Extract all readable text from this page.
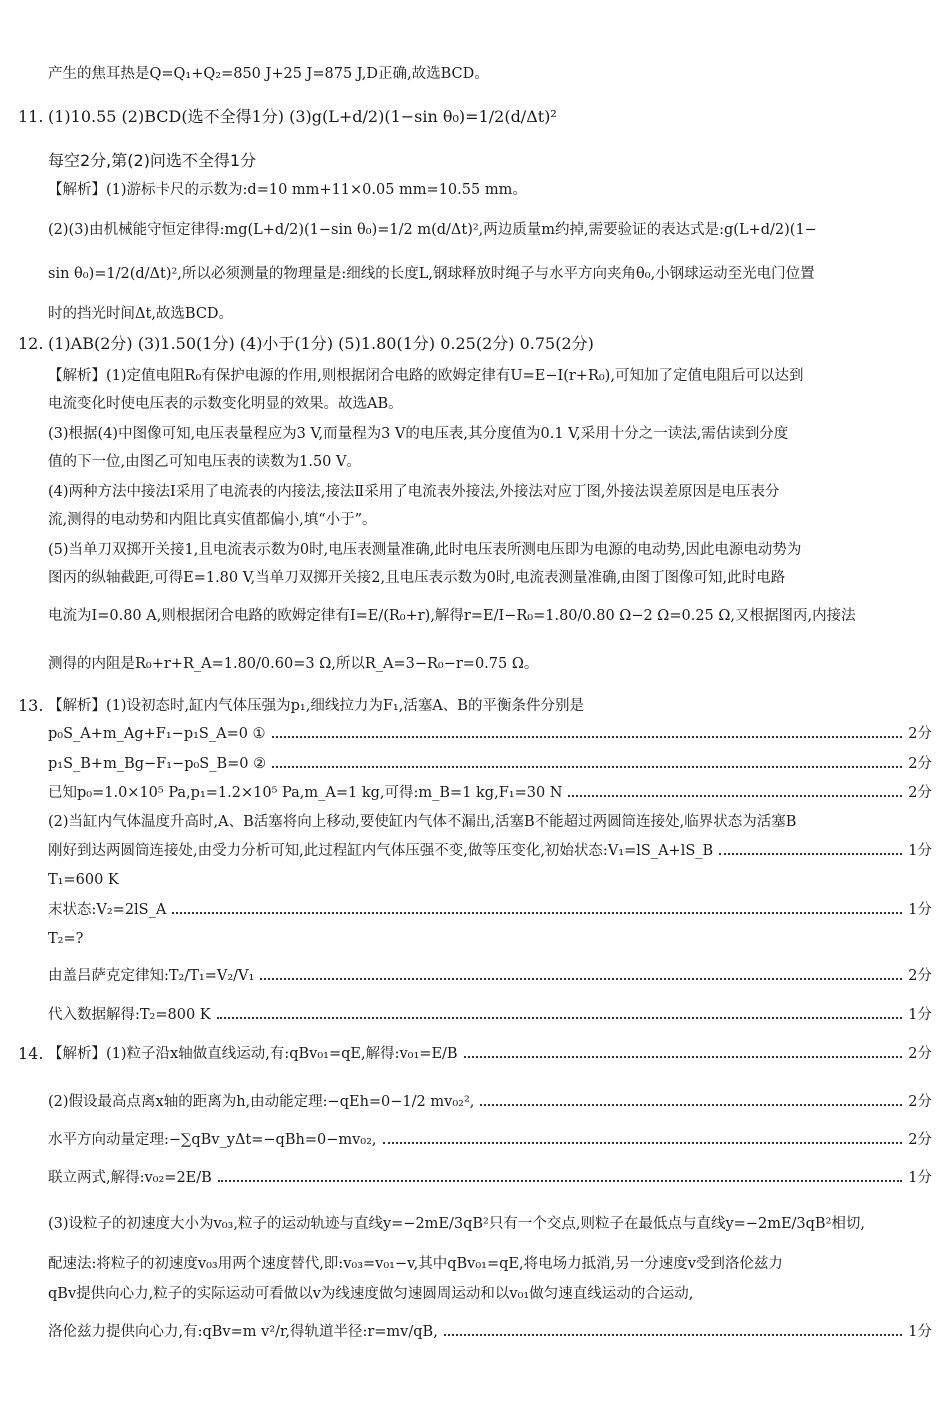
产生的焦耳热是Q=Q₁+Q₂=850 J+25 J=875 J,D正确,故选BCD。
11. (1)10.55 (2)BCD(选不全得1分) (3)g(L+d/2)(1−sin θ₀)=1/2(d/Δt)²
每空2分,第(2)问选不全得1分
【解析】(1)游标卡尺的示数为:d=10 mm+11×0.05 mm=10.55 mm。
(2)(3)由机械能守恒定律得:mg(L+d/2)(1−sin θ₀)=1/2 m(d/Δt)²,两边质量m约掉,需要验证的表达式是:g(L+d/2)(1−
sin θ₀)=1/2(d/Δt)²,所以必须测量的物理量是:细线的长度L,钢球释放时绳子与水平方向夹角θ₀,小钢球运动至光电门位置
时的挡光时间Δt,故选BCD。
12. (1)AB(2分) (3)1.50(1分) (4)小于(1分) (5)1.80(1分) 0.25(2分) 0.75(2分)
【解析】(1)定值电阻R₀有保护电源的作用,则根据闭合电路的欧姆定律有U=E−I(r+R₀),可知加了定值电阻后可以达到
电流变化时使电压表的示数变化明显的效果。故选AB。
(3)根据(4)中图像可知,电压表量程应为3 V,而量程为3 V的电压表,其分度值为0.1 V,采用十分之一读法,需估读到分度
值的下一位,由图乙可知电压表的读数为1.50 V。
(4)两种方法中接法Ⅰ采用了电流表的内接法,接法Ⅱ采用了电流表外接法,外接法对应丁图,外接法误差原因是电压表分
流,测得的电动势和内阻比真实值都偏小,填“小于”。
(5)当单刀双掷开关接1,且电流表示数为0时,电压表测量准确,此时电压表所测电压即为电源的电动势,因此电源电动势为
图丙的纵轴截距,可得E=1.80 V,当单刀双掷开关接2,且电压表示数为0时,电流表测量准确,由图丁图像可知,此时电路
电流为I=0.80 A,则根据闭合电路的欧姆定律有I=E/(R₀+r),解得r=E/I−R₀=1.80/0.80 Ω−2 Ω=0.25 Ω,又根据图丙,内接法
测得的内阻是R₀+r+R_A=1.80/0.60=3 Ω,所以R_A=3−R₀−r=0.75 Ω。
13. 【解析】(1)设初态时,缸内气体压强为p₁,细线拉力为F₁,活塞A、B的平衡条件分别是
p₀S_A+m_Ag+F₁−p₁S_A=0 ①	2分
p₁S_B+m_Bg−F₁−p₀S_B=0 ②	2分
已知p₀=1.0×10⁵ Pa,p₁=1.2×10⁵ Pa,m_A=1 kg,可得:m_B=1 kg,F₁=30 N	2分
(2)当缸内气体温度升高时,A、B活塞将向上移动,要使缸内气体不漏出,活塞B不能超过两圆筒连接处,临界状态为活塞B
刚好到达两圆筒连接处,由受力分析可知,此过程缸内气体压强不变,做等压变化,初始状态:V₁=lS_A+lS_B	1分
T₁=600 K
末状态:V₂=2lS_A	1分
T₂=?
由盖吕萨克定律知:T₂/T₁=V₂/V₁	2分
代入数据解得:T₂=800 K	1分
14. 【解析】(1)粒子沿x轴做直线运动,有:qBv₀₁=qE,解得:v₀₁=E/B	2分
(2)假设最高点离x轴的距离为h,由动能定理:−qEh=0−1/2 mv₀₂²,	2分
水平方向动量定理:−∑qBv_yΔt=−qBh=0−mv₀₂,	2分
联立两式,解得:v₀₂=2E/B	1分
(3)设粒子的初速度大小为v₀₃,粒子的运动轨迹与直线y=−2mE/3qB²只有一个交点,则粒子在最低点与直线y=−2mE/3qB²相切,
配速法:将粒子的初速度v₀₃用两个速度替代,即:v₀₃=v₀₁−v,其中qBv₀₁=qE,将电场力抵消,另一分速度v受到洛伦兹力
qBv提供向心力,粒子的实际运动可看做以v为线速度做匀速圆周运动和以v₀₁做匀速直线运动的合运动,
洛伦兹力提供向心力,有:qBv=m v²/r,得轨道半径:r=mv/qB,	1分
